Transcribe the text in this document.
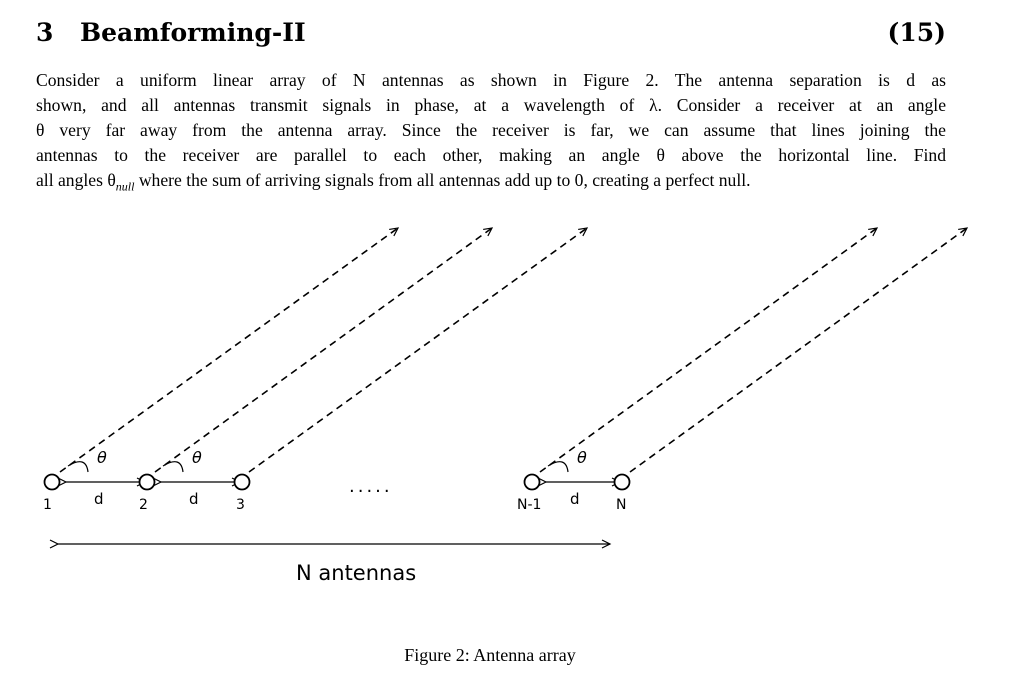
3 Beamforming-II	(15)

Consider a uniform linear array of N antennas as shown in Figure 2. The antenna separation is d as
shown, and all antennas transmit signals in phase, at a wavelength of λ. Consider a receiver at an angle
θ very far away from the antenna array. Since the receiver is far, we can assume that lines joining the
antennas to the receiver are parallel to each other, making an angle θ above the horizontal line. Find
all angles $\theta_{null}$ where the sum of arriving signals from all antennas add up to 0, creating a perfect null.

θ	θ	θ
d	d	d
1	2	3	N-1	N
.....
N antennas
Figure 2: Antenna array
